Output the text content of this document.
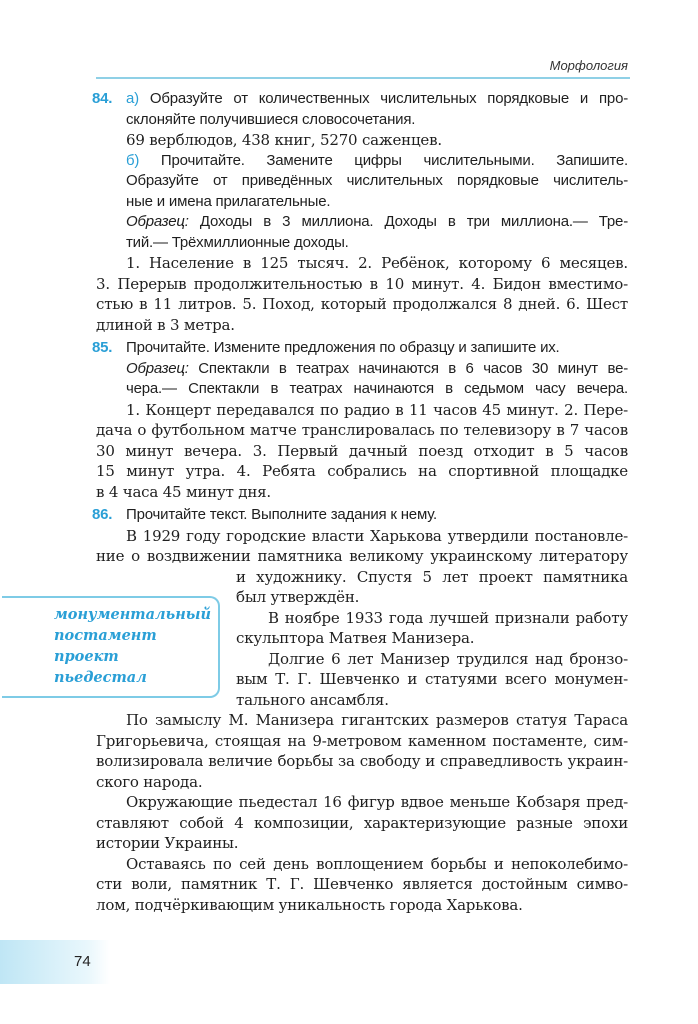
Морфология
84. а) Образуйте от количественных числительных порядковые и про-
склоняйте получившиеся словосочетания.
69 верблюдов, 438 книг, 5270 саженцев.
б) Прочитайте. Замените цифры числительными. Запишите.
Образуйте от приведённых числительных порядковые числитель-
ные и имена прилагательные.
Образец: Доходы в 3 миллиона. Доходы в три миллиона.— Тре-
тий.— Трёхмиллионные доходы.
1. Население в 125 тысяч. 2. Ребёнок, которому 6 месяцев.
3. Перерыв продолжительностью в 10 минут. 4. Бидон вместимо-
стью в 11 литров. 5. Поход, который продолжался 8 дней. 6. Шест
длиной в 3 метра.
85. Прочитайте. Измените предложения по образцу и запишите их.
Образец: Спектакли в театрах начинаются в 6 часов 30 минут ве-
чера.— Спектакли в театрах начинаются в седьмом часу вечера.
1. Концерт передавался по радио в 11 часов 45 минут. 2. Пере-
дача о футбольном матче транслировалась по телевизору в 7 часов
30 минут вечера. 3. Первый дачный поезд отходит в 5 часов
15 минут утра. 4. Ребята собрались на спортивной площадке
в 4 часа 45 минут дня.
86. Прочитайте текст. Выполните задания к нему.
В 1929 году городские власти Харькова утвердили постановле-
ние о воздвижении памятника великому украинскому литератору
и художнику. Спустя 5 лет проект памятника
был утверждён.
В ноябре 1933 года лучшей признали работу
скульптора Матвея Манизера.
Долгие 6 лет Манизер трудился над бронзо-
вым Т. Г. Шевченко и статуями всего монумен-
тального ансамбля.
По замыслу М. Манизера гигантских размеров статуя Тараса
Григорьевича, стоящая на 9-метровом каменном постаменте, сим-
волизировала величие борьбы за свободу и справедливость украин-
ского народа.
Окружающие пьедестал 16 фигур вдвое меньше Кобзаря пред-
ставляют собой 4 композиции, характеризующие разные эпохи
истории Украины.
Оставаясь по сей день воплощением борьбы и непоколебимо-
сти воли, памятник Т. Г. Шевченко является достойным симво-
лом, подчёркивающим уникальность города Харькова.
монументальный
постамент
проект
пьедестал
74
